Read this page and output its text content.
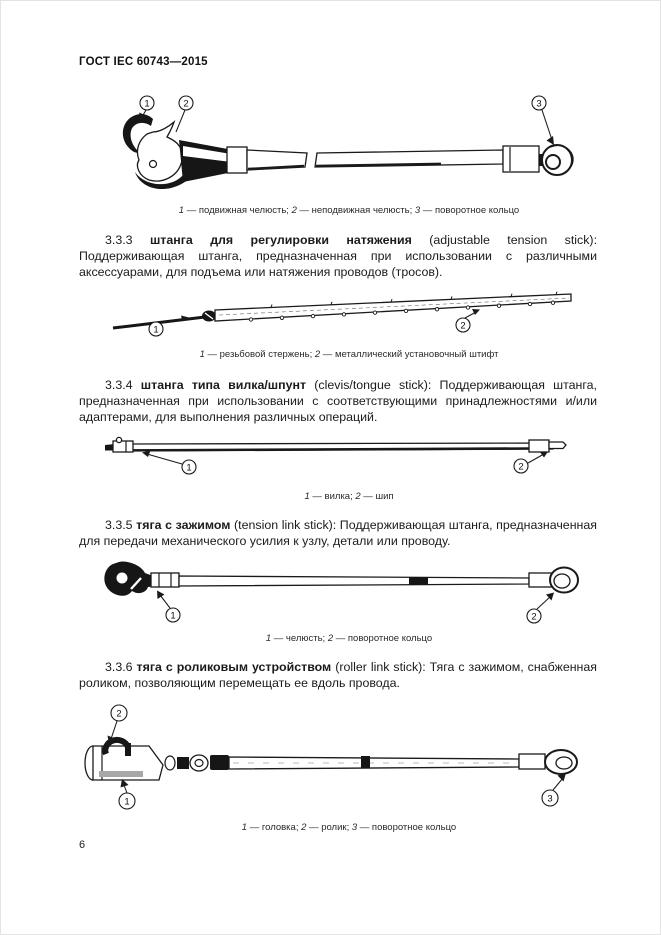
ГОСТ IEC 60743—2015
1	2	3
1 — подвижная челюсть; 2 — неподвижная челюсть; 3 — поворотное кольцо

3.3.3 штанга для регулировки натяжения (adjustable tension stick): Поддерживающая штанга, предназначенная при использовании с различными аксессуарами, для подъема или натяжения проводов (тросов).

1	2
1 — резьбовой стержень; 2 — металлический установочный штифт

3.3.4 штанга типа вилка/шпунт (clevis/tongue stick): Поддерживающая штанга, предназначенная при использовании с соответствующими принадлежностями и/или адаптерами, для выполнения различных операций.

1	2
1 — вилка; 2 — шип

3.3.5 тяга с зажимом (tension link stick): Поддерживающая штанга, предназначенная для передачи механического усилия к узлу, детали или проводу.

1	2
1 — челюсть; 2 — поворотное кольцо

3.3.6 тяга с роликовым устройством (roller link stick): Тяга с зажимом, снабженная роликом, позволяющим перемещать ее вдоль провода.

2
1	3
1 — головка; 2 — ролик; 3 — поворотное кольцо
6
